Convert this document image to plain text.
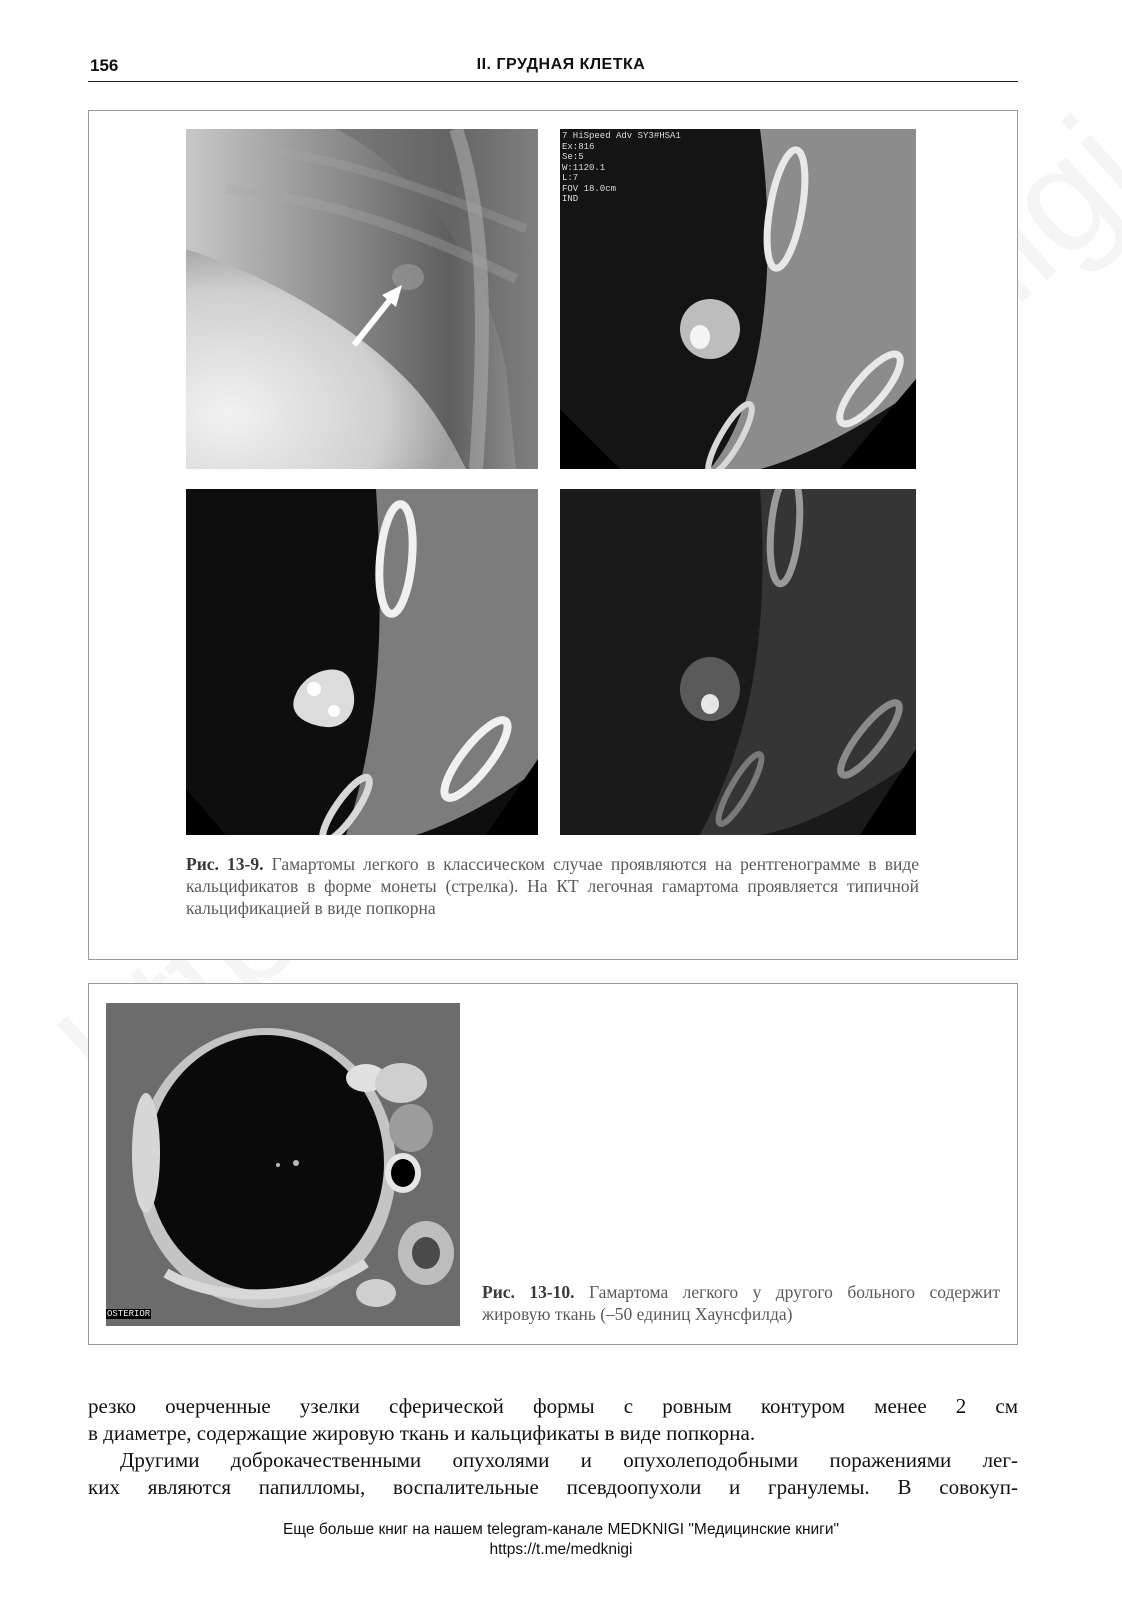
156	II. ГРУДНАЯ КЛЕТКА
7 HiSpeed Adv SY3#HSA1
Ex:816
Se:5
W:1120.1
L:7
FOV 18.0cm
IND
Рис. 13-9. Гамартомы легкого в классическом случае проявляются на рентгенограмме в виде кальцификатов в форме монеты (стрелка). На КТ легочная гамартома проявляется типичной кальцификацией в виде попкорна
OSTERIOR
Рис. 13-10. Гамартома легкого у другого больного содержит жировую ткань (–50 единиц Хаунсфилда)
резко очерченные узелки сферической формы с ровным контуром менее 2 см
в диаметре, содержащие жировую ткань и кальцификаты в виде попкорна.
Другими доброкачественными опухолями и опухолеподобными поражениями лег-
ких являются папилломы, воспалительные псевдоопухоли и гранулемы. В совокуп-
Еще больше книг на нашем telegram-канале MEDKNIGI "Медицинские книги"
https://t.me/medknigi
